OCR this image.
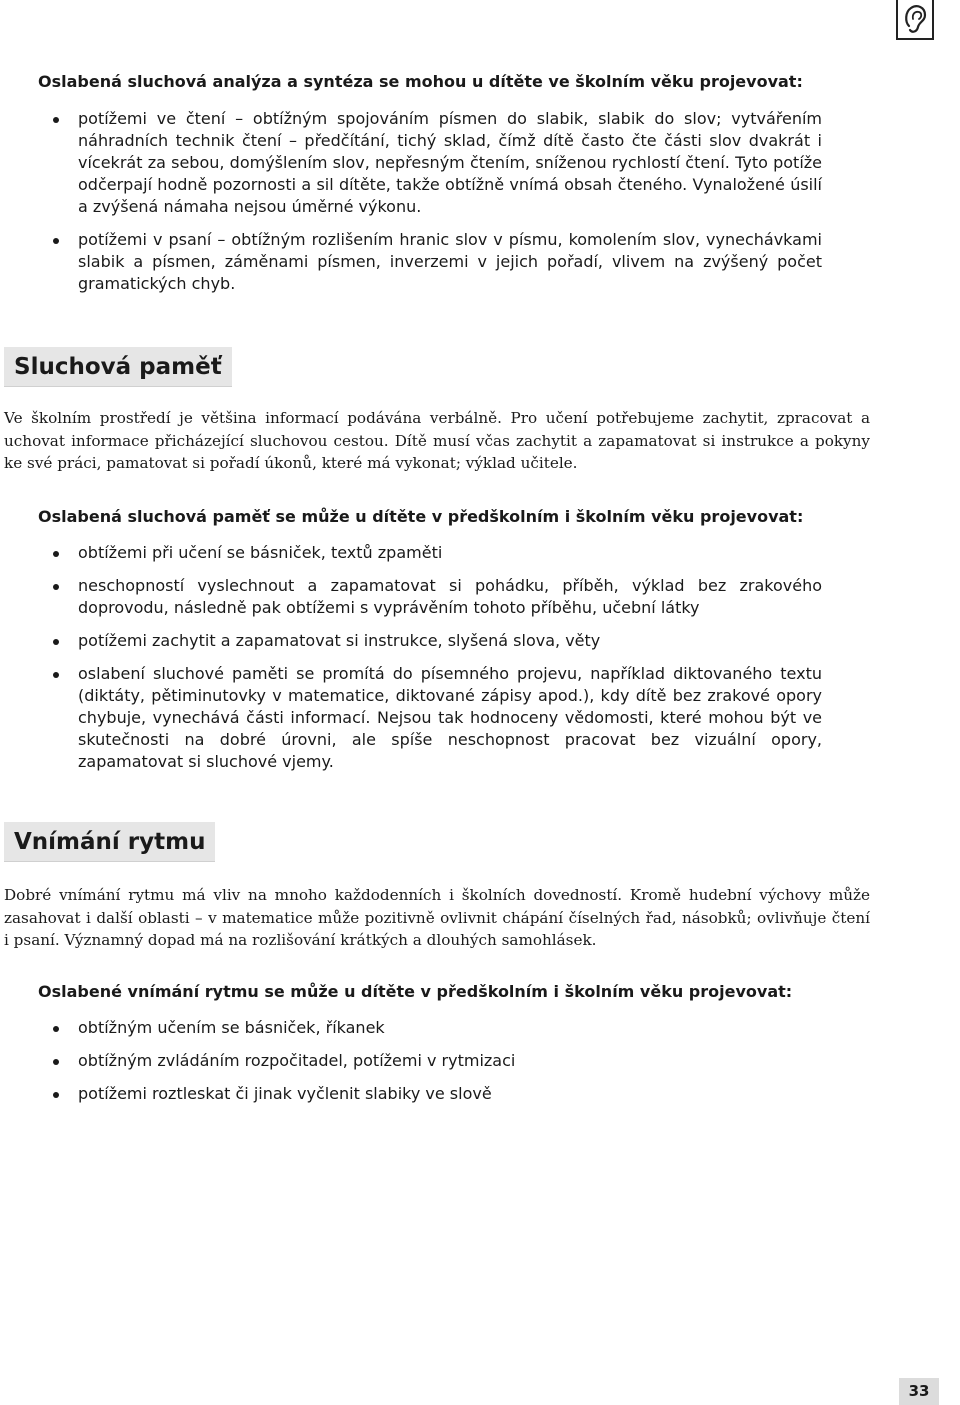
Oslabená sluchová analýza a syntéza se mohou u dítěte ve školním věku projevovat:
potížemi ve čtení – obtížným spojováním písmen do slabik, slabik do slov; vytvářením náhradních technik čtení – předčítání, tichý sklad, čímž dítě často čte části slov dvakrát i vícekrát za sebou, domýšlením slov, nepřesným čtením, sníženou rychlostí čtení. Tyto potíže odčerpají hodně pozornosti a sil dítěte, takže obtížně vnímá obsah čteného. Vynaložené úsilí a zvýšená námaha nejsou úměrné výkonu.
potížemi v psaní – obtížným rozlišením hranic slov v písmu, komolením slov, vynechávkami slabik a písmen, záměnami písmen, inverzemi v jejich pořadí, vlivem na zvýšený počet gramatických chyb.
Sluchová paměť

Ve školním prostředí je většina informací podávána verbálně. Pro učení potřebujeme zachytit, zpracovat a uchovat informace přicházející sluchovou cestou. Dítě musí včas zachytit a zapamatovat si instrukce a pokyny ke své práci, pamatovat si pořadí úkonů, které má vykonat; výklad učitele.

Oslabená sluchová paměť se může u dítěte v předškolním i školním věku projevovat:
obtížemi při učení se básniček, textů zpaměti
neschopností vyslechnout a zapamatovat si pohádku, příběh, výklad bez zrakového doprovodu, následně pak obtížemi s vyprávěním tohoto příběhu, učební látky
potížemi zachytit a zapamatovat si instrukce, slyšená slova, věty
oslabení sluchové paměti se promítá do písemného projevu, například diktovaného textu (diktáty, pětiminutovky v matematice, diktované zápisy apod.), kdy dítě bez zrakové opory chybuje, vynechává části informací. Nejsou tak hodnoceny vědomosti, které mohou být ve skutečnosti na dobré úrovni, ale spíše neschopnost pracovat bez vizuální opory, zapamatovat si sluchové vjemy.
Vnímání rytmu

Dobré vnímání rytmu má vliv na mnoho každodenních i školních dovedností. Kromě hudební výchovy může zasahovat i další oblasti – v matematice může pozitivně ovlivnit chápání číselných řad, násobků; ovlivňuje čtení i psaní. Významný dopad má na rozlišování krátkých a dlouhých samohlásek.

Oslabené vnímání rytmu se může u dítěte v předškolním i školním věku projevovat:
obtížným učením se básniček, říkanek
obtížným zvládáním rozpočitadel, potížemi v rytmizaci
potížemi roztleskat či jinak vyčlenit slabiky ve slově
33
